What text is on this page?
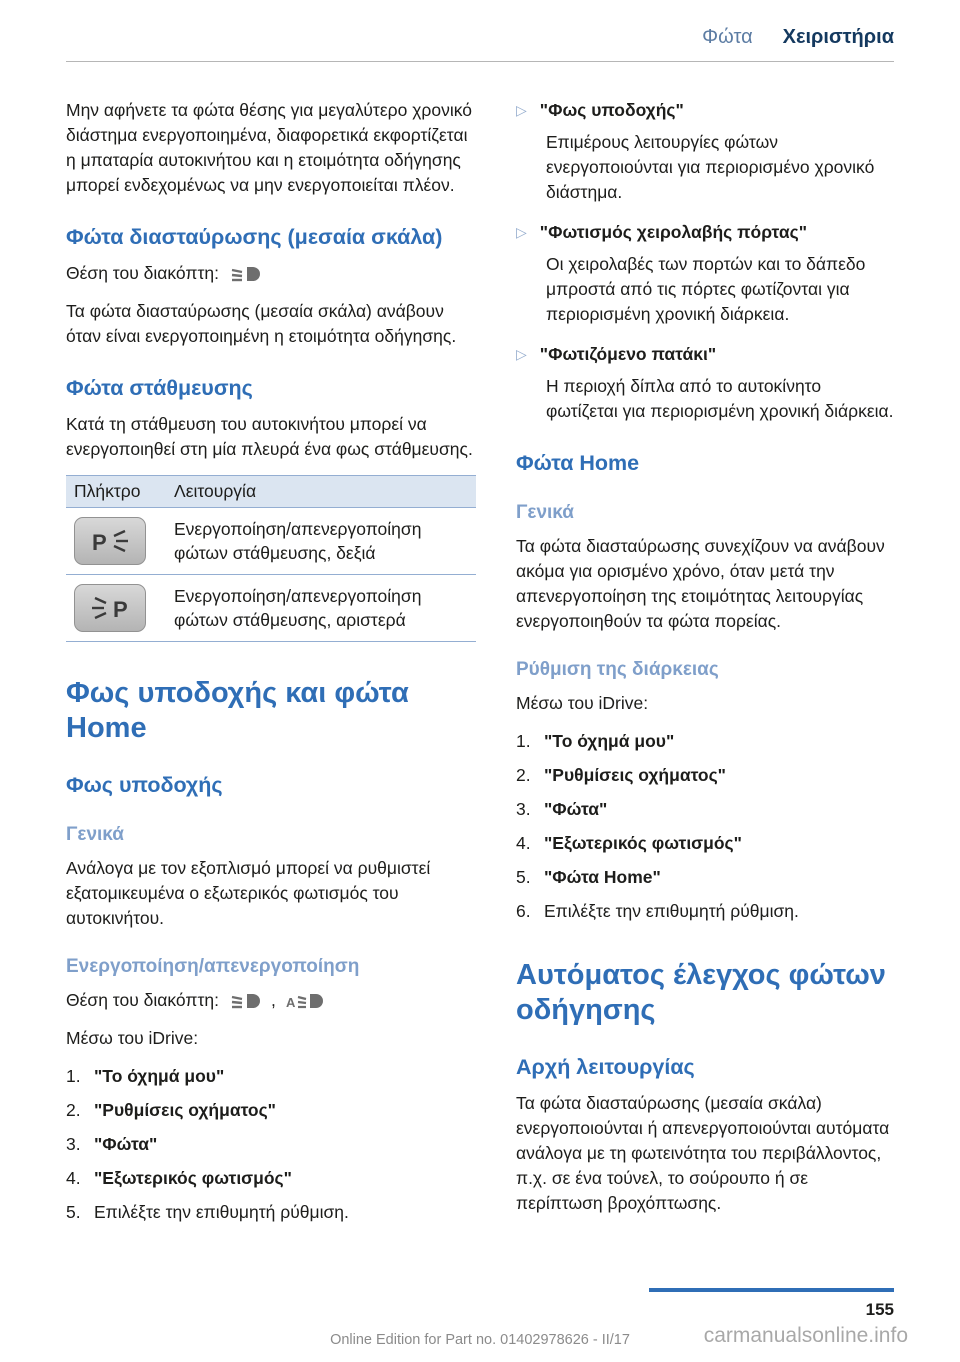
Φώτα Χειριστήρια

Μην αφήνετε τα φώτα θέσης για μεγαλύτερο χρονικό διάστημα ενεργοποιημένα, διαφορετικά εκφορτίζεται η μπαταρία αυτοκινήτου και η ετοιμότητα οδήγησης μπορεί ενδεχομένως να μην ενεργοποιείται πλέον.

Φώτα διασταύρωσης (μεσαία σκάλα)
Θέση του διακόπτη:

Τα φώτα διασταύρωσης (μεσαία σκάλα) ανάβουν όταν είναι ενεργοποιημένη η ετοιμότητα οδήγησης.

Φώτα στάθμευσης

Κατά τη στάθμευση του αυτοκινήτου μπορεί να ενεργοποιηθεί στη μία πλευρά ένα φως στάθμευσης.

Πλήκτρο	Λειτουργία

P	Ενεργοποίηση/απενεργοποίηση φώτων στάθμευσης, δεξιά

P	Ενεργοποίηση/απενεργοποίηση φώτων στάθμευσης, αριστερά
Φως υποδοχής και φώτα Home
Φως υποδοχής
Γενικά

Ανάλογα με τον εξοπλισμό μπορεί να ρυθμιστεί εξατομικευμένα ο εξωτερικός φωτισμός του αυτοκινήτου.

Ενεργοποίηση/απενεργοποίηση
Θέση του διακόπτη:	, A

Μέσω του iDrive:

1. "Το όχημά μου"
2. "Ρυθμίσεις οχήματος"
3. "Φώτα"
4. "Εξωτερικός φωτισμός"
5. Επιλέξτε την επιθυμητή ρύθμιση.
▷ "Φως υποδοχής"

Επιμέρους λειτουργίες φώτων ενεργοποιούνται για περιορισμένο χρονικό διάστημα.

▷ "Φωτισμός χειρολαβής πόρτας"

Οι χειρολαβές των πορτών και το δάπεδο μπροστά από τις πόρτες φωτίζονται για περιορισμένη χρονική διάρκεια.

▷ "Φωτιζόμενο πατάκι"

Η περιοχή δίπλα από το αυτοκίνητο φωτίζεται για περιορισμένη χρονική διάρκεια.

Φώτα Home
Γενικά

Τα φώτα διασταύρωσης συνεχίζουν να ανάβουν ακόμα για ορισμένο χρόνο, όταν μετά την απενεργοποίηση της ετοιμότητας λειτουργίας ενεργοποιηθούν τα φώτα πορείας.

Ρύθμιση της διάρκειας

Μέσω του iDrive:

1. "Το όχημά μου"
2. "Ρυθμίσεις οχήματος"
3. "Φώτα"
4. "Εξωτερικός φωτισμός"
5. "Φώτα Home"
6. Επιλέξτε την επιθυμητή ρύθμιση.
Αυτόματος έλεγχος φώτων οδήγησης
Αρχή λειτουργίας

Τα φώτα διασταύρωσης (μεσαία σκάλα) ενεργοποιούνται ή απενεργοποιούνται αυτόματα ανάλογα με τη φωτεινότητα του περιβάλλοντος, π.χ. σε ένα τούνελ, το σούρουπο ή σε περίπτωση βροχόπτωσης.

155
Online Edition for Part no. 01402978626 - II/17	carmanualsonline.info
